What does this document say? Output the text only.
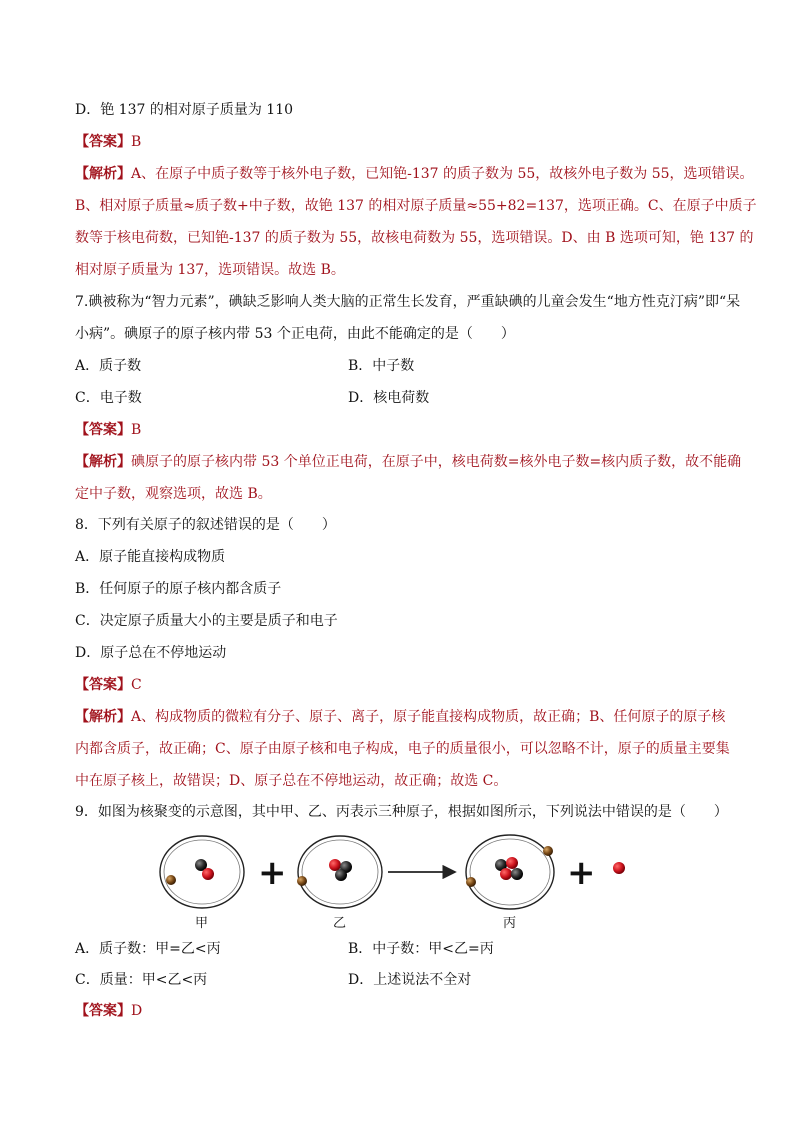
D．铯 137 的相对原子质量为 110
【答案】B
【解析】A、在原子中质子数等于核外电子数，已知铯-137 的质子数为 55，故核外电子数为 55，选项错误。
B、相对原子质量≈质子数+中子数，故铯 137 的相对原子质量≈55+82=137，选项正确。C、在原子中质子
数等于核电荷数，已知铯-137 的质子数为 55，故核电荷数为 55，选项错误。D、由 B 选项可知，铯 137 的
相对原子质量为 137，选项错误。故选 B。
7.碘被称为“智力元素”，碘缺乏影响人类大脑的正常生长发育，严重缺碘的儿童会发生“地方性克汀病”即“呆
小病”。碘原子的原子核内带 53 个正电荷，由此不能确定的是（　　）
A．质子数	B．中子数
C．电子数	D．核电荷数
【答案】B
【解析】碘原子的原子核内带 53 个单位正电荷，在原子中，核电荷数=核外电子数=核内质子数，故不能确
定中子数，观察选项，故选 B。
8．下列有关原子的叙述错误的是（　　）
A．原子能直接构成物质
B．任何原子的原子核内都含质子
C．决定原子质量大小的主要是质子和电子
D．原子总在不停地运动
【答案】C
【解析】A、构成物质的微粒有分子、原子、离子，原子能直接构成物质，故正确；B、任何原子的原子核
内都含质子，故正确；C、原子由原子核和电子构成，电子的质量很小，可以忽略不计，原子的质量主要集
中在原子核上，故错误；D、原子总在不停地运动，故正确；故选 C。
9．如图为核聚变的示意图，其中甲、乙、丙表示三种原子，根据如图所示，下列说法中错误的是（　　）
甲
+
乙	丙
+
A．质子数：甲=乙<丙	B．中子数：甲<乙=丙
C．质量：甲<乙<丙	D．上述说法不全对
【答案】D
